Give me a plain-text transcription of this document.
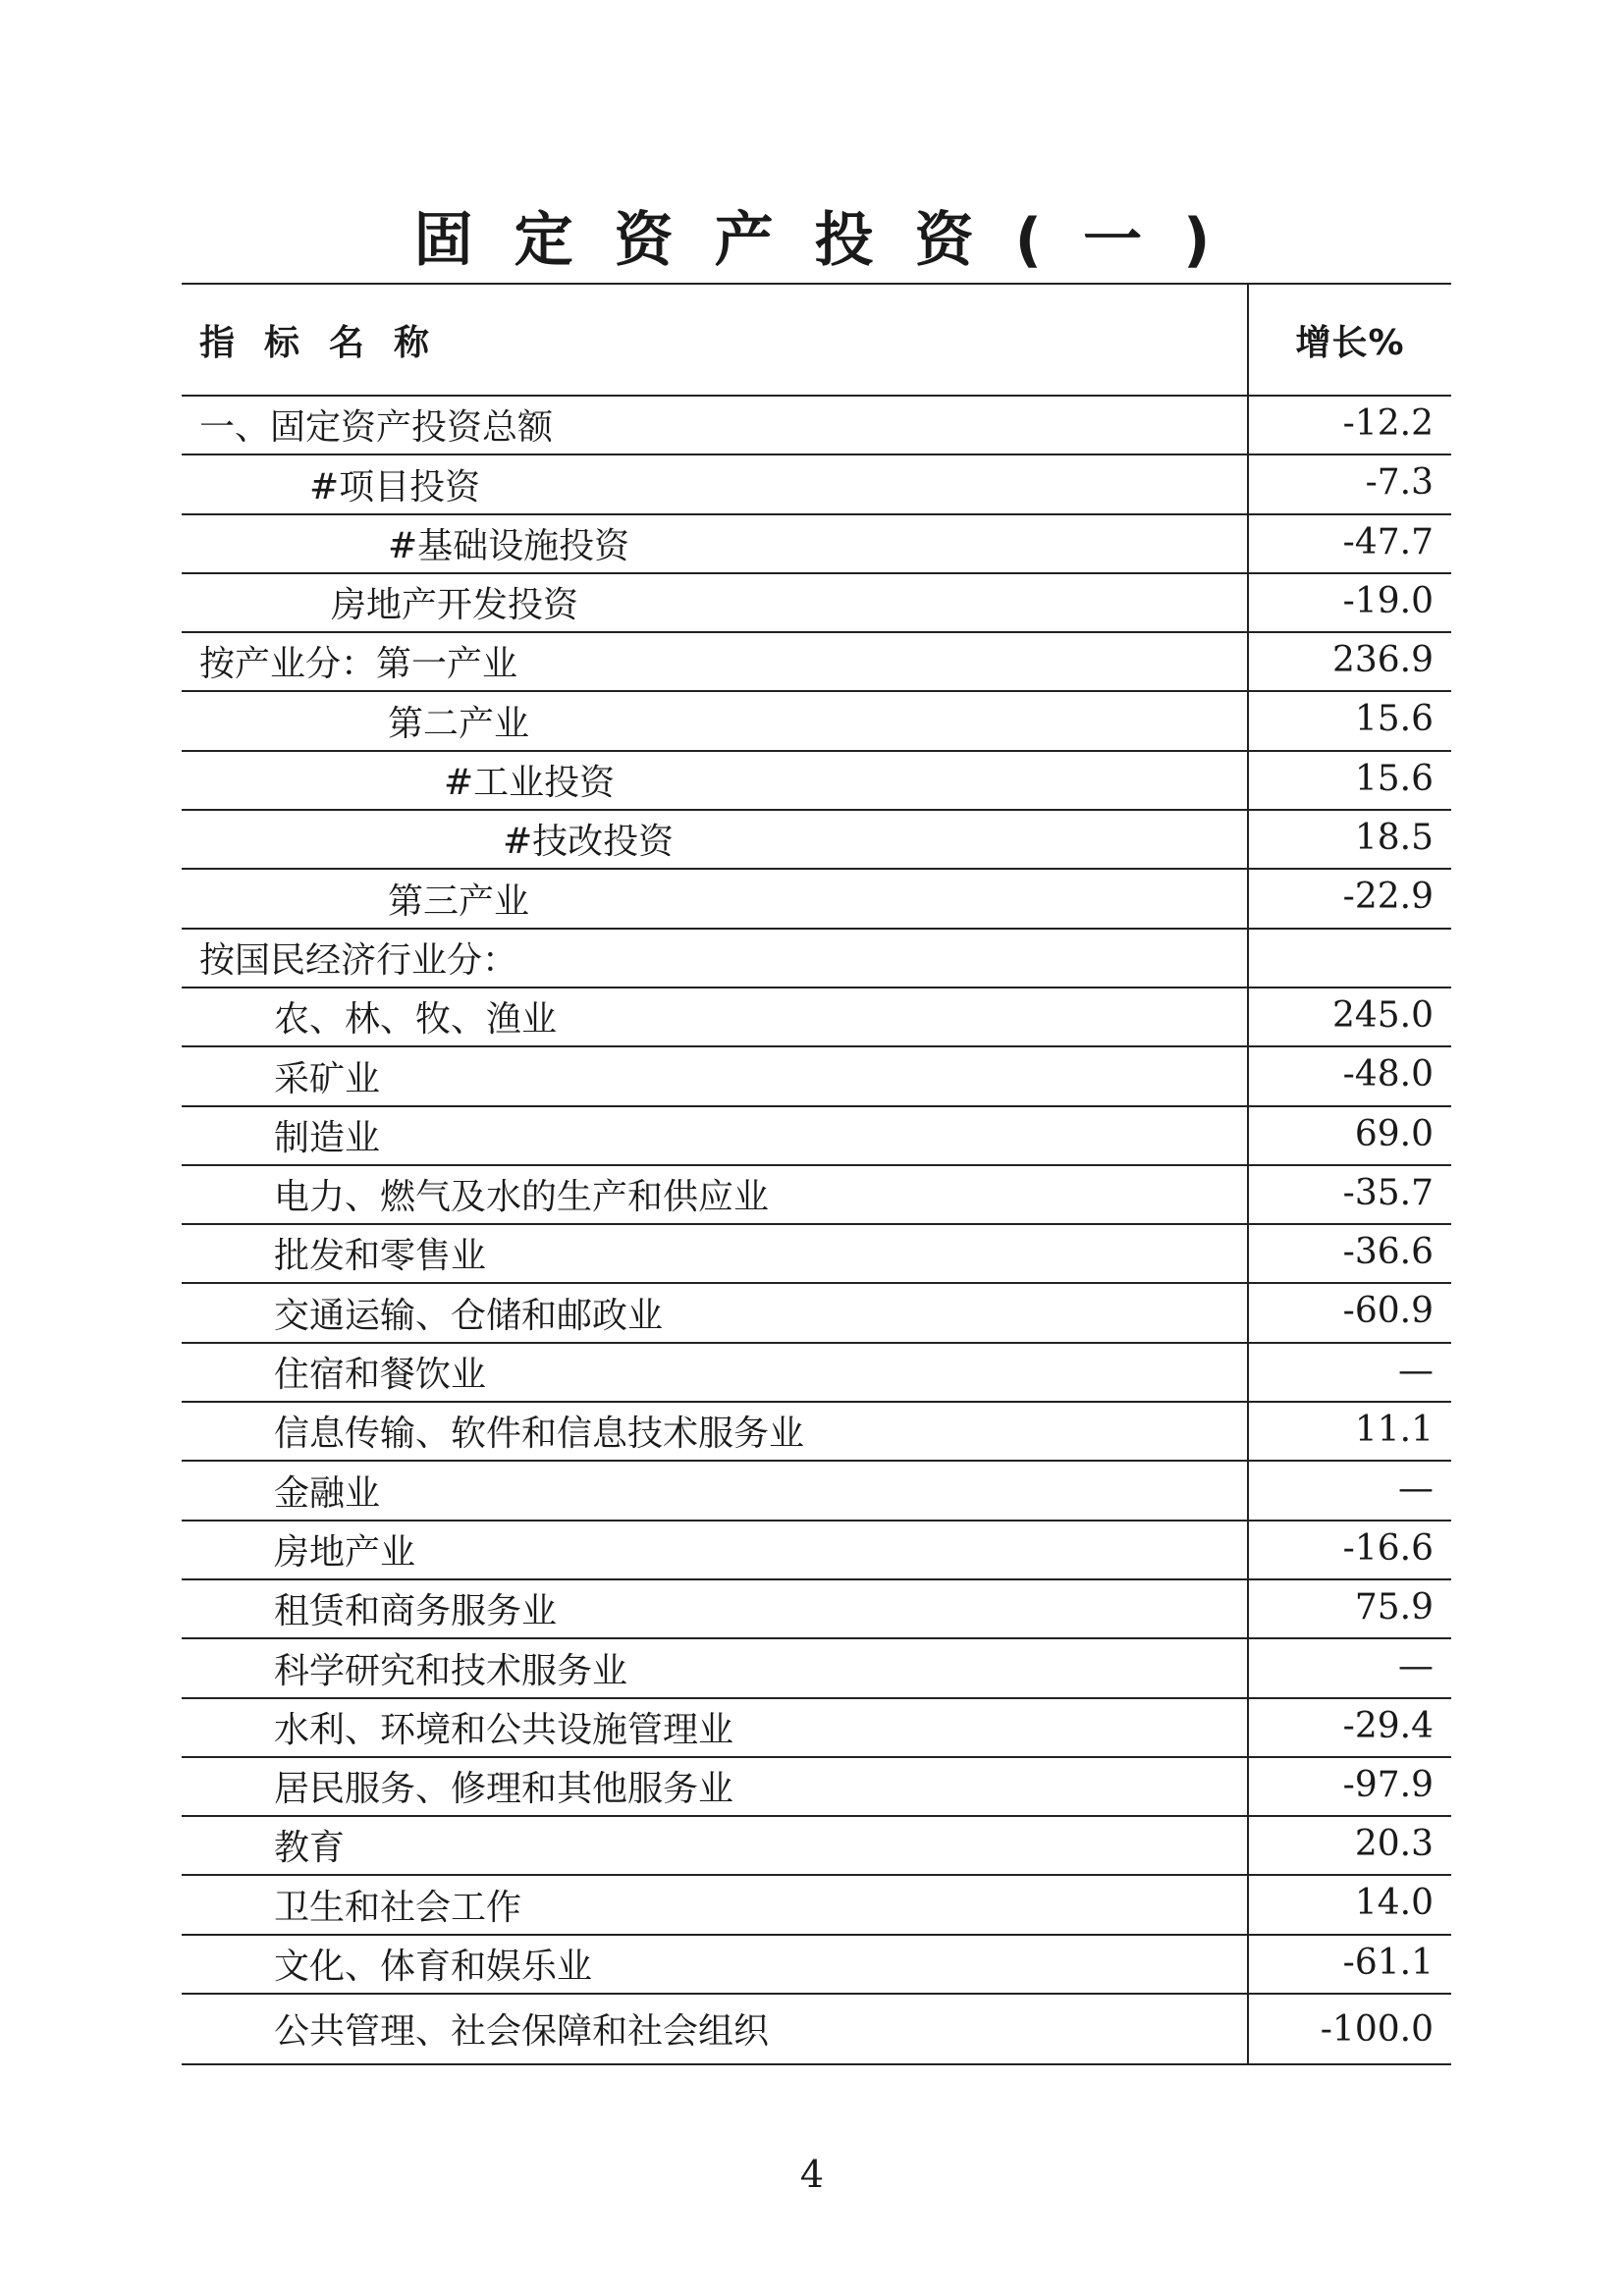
固定资产投资(一)
指标名称	增长%
一、固定资产投资总额	-12.2
#项目投资	-7.3
#基础设施投资	-47.7
房地产开发投资	-19.0
按产业分：第一产业	236.9
第二产业	15.6
#工业投资	15.6
#技改投资	18.5
第三产业	-22.9
按国民经济行业分：	
农、林、牧、渔业	245.0
采矿业	-48.0
制造业	69.0
电力、燃气及水的生产和供应业	-35.7
批发和零售业	-36.6
交通运输、仓储和邮政业	-60.9
住宿和餐饮业	—
信息传输、软件和信息技术服务业	11.1
金融业	—
房地产业	-16.6
租赁和商务服务业	75.9
科学研究和技术服务业	—
水利、环境和公共设施管理业	-29.4
居民服务、修理和其他服务业	-97.9
教育	20.3
卫生和社会工作	14.0
文化、体育和娱乐业	-61.1
公共管理、社会保障和社会组织	-100.0
4
